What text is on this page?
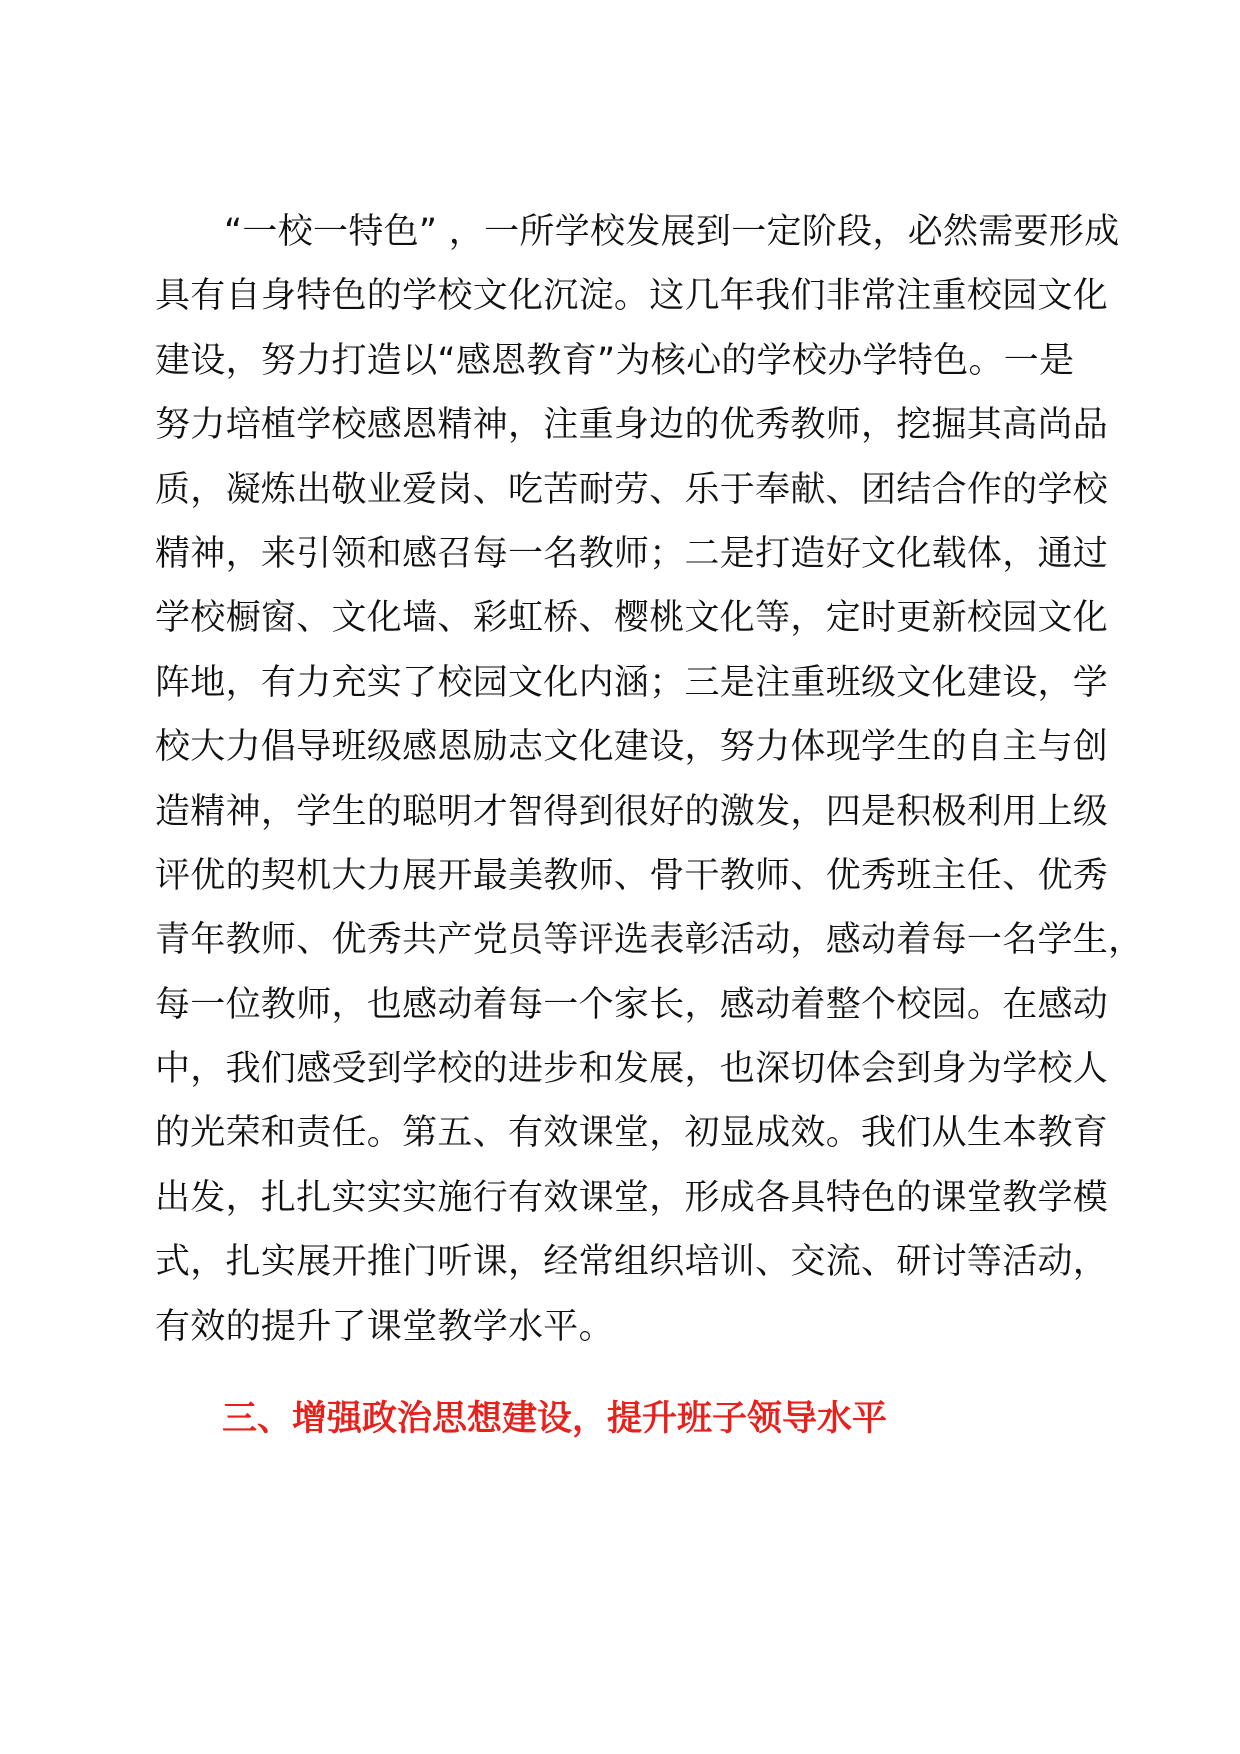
“一校一特色” ，一所学校发展到一定阶段，必然需要形成
具有自身特色的学校文化沉淀。这几年我们非常注重校园文化
建设，努力打造以“感恩教育”为核心的学校办学特色。一是
努力培植学校感恩精神，注重身边的优秀教师，挖掘其高尚品
质，凝炼出敬业爱岗、吃苦耐劳、乐于奉献、团结合作的学校
精神，来引领和感召每一名教师；二是打造好文化载体，通过
学校橱窗、文化墙、彩虹桥、樱桃文化等，定时更新校园文化
阵地，有力充实了校园文化内涵；三是注重班级文化建设，学
校大力倡导班级感恩励志文化建设，努力体现学生的自主与创
造精神，学生的聪明才智得到很好的激发，四是积极利用上级
评优的契机大力展开最美教师、骨干教师、优秀班主任、优秀
青年教师、优秀共产党员等评选表彰活动，感动着每一名学生，
每一位教师，也感动着每一个家长，感动着整个校园。在感动
中，我们感受到学校的进步和发展，也深切体会到身为学校人
的光荣和责任。第五、有效课堂，初显成效。我们从生本教育
出发，扎扎实实实施行有效课堂，形成各具特色的课堂教学模
式，扎实展开推门听课，经常组织培训、交流、研讨等活动，
有效的提升了课堂教学水平。
三、增强政治思想建设，提升班子领导水平
